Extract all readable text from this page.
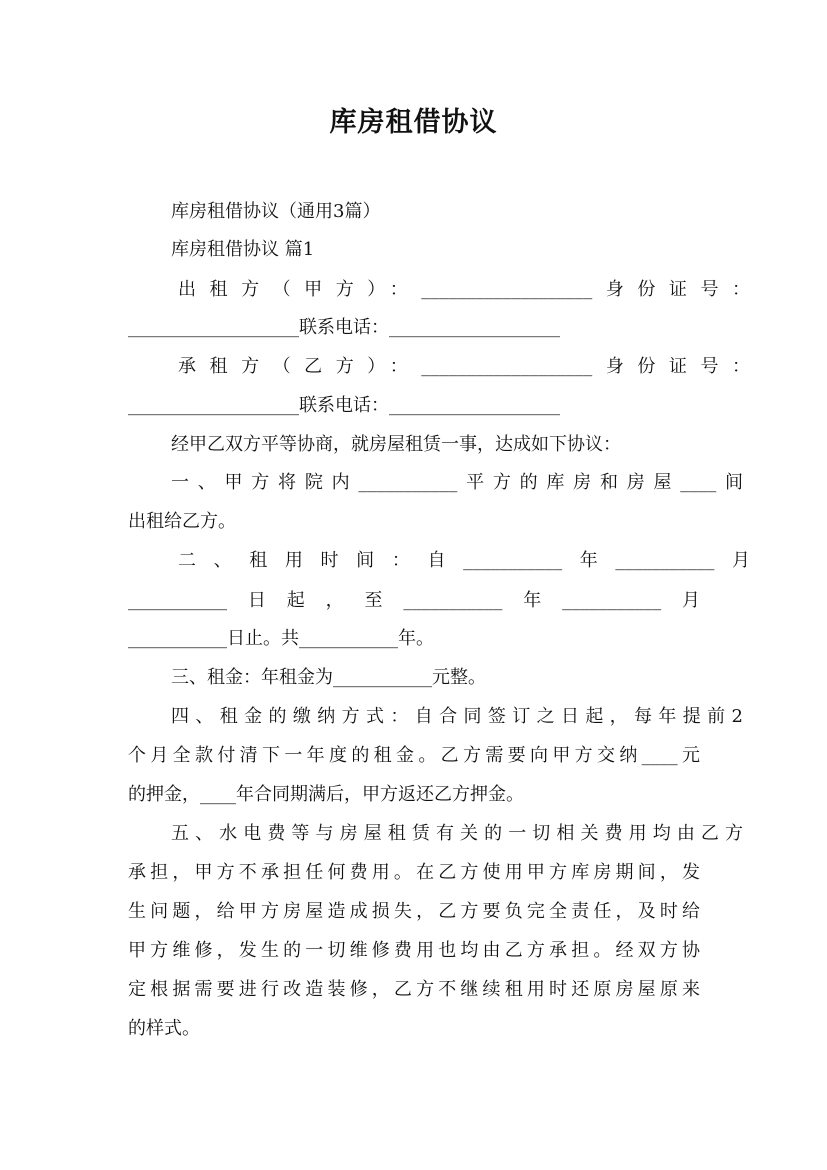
库房租借协议
库房租借协议（通用3篇）
库房租借协议 篇1
出租方（甲方）：___________________身份证号：
___________________联系电话：___________________
承租方（乙方）：___________________身份证号：
___________________联系电话：___________________
经甲乙双方平等协商，就房屋租赁一事，达成如下协议：
一、甲方将院内___________平方的库房和房屋____间
出租给乙方。
二、租用时间：自___________年___________月
___________日起，至___________年___________月
___________日止。共___________年。
三、租金：年租金为___________元整。
四、租金的缴纳方式：自合同签订之日起，每年提前2
个月全款付清下一年度的租金。乙方需要向甲方交纳____元
的押金，____年合同期满后，甲方返还乙方押金。
五、水电费等与房屋租赁有关的一切相关费用均由乙方
承担，甲方不承担任何费用。在乙方使用甲方库房期间，发
生问题，给甲方房屋造成损失，乙方要负完全责任，及时给
甲方维修，发生的一切维修费用也均由乙方承担。经双方协
定根据需要进行改造装修，乙方不继续租用时还原房屋原来
的样式。
